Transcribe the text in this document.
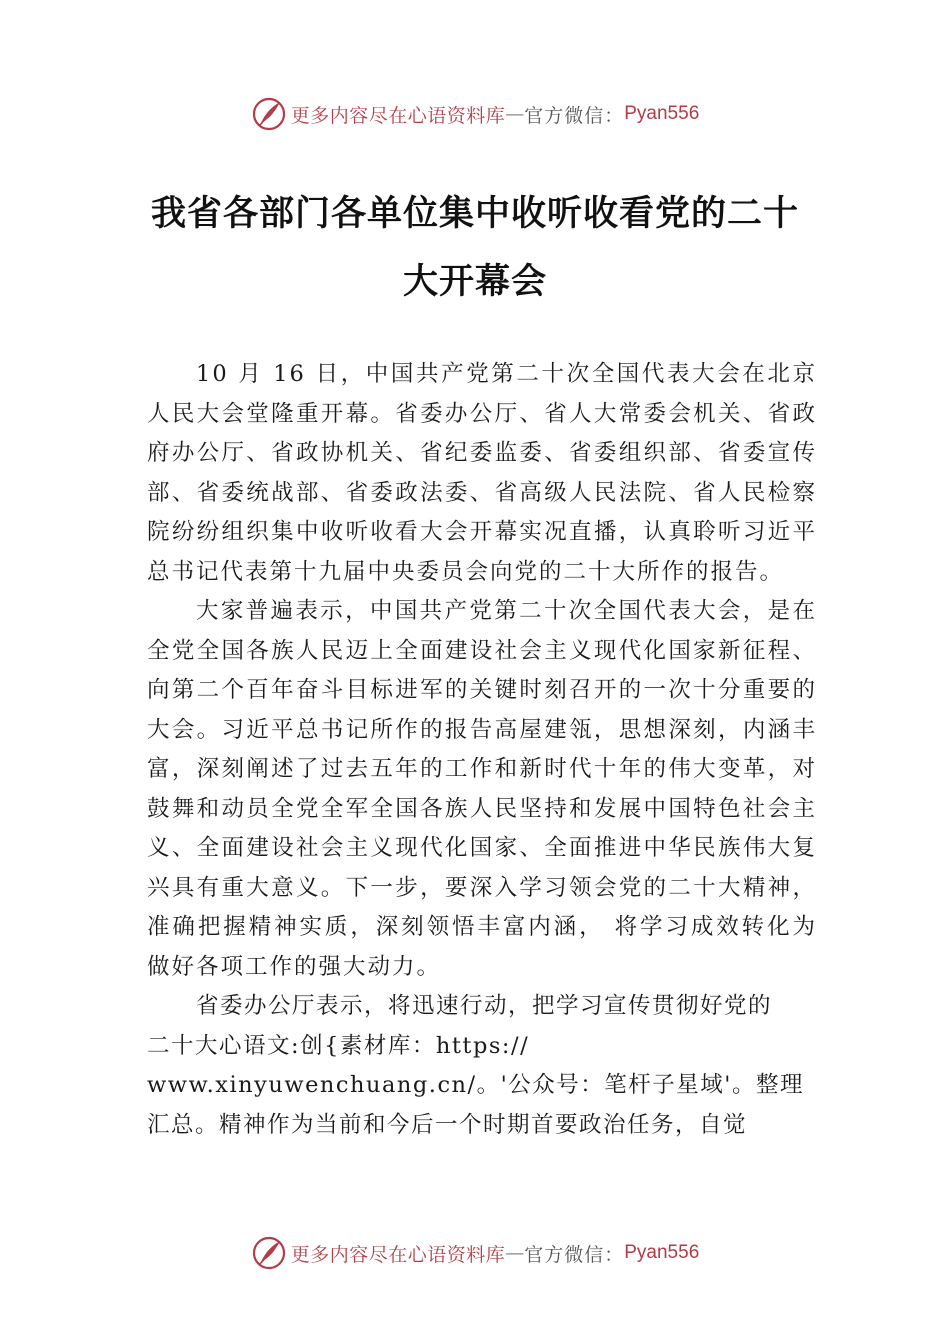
更多内容尽在心语资料库 — 官方微信： Pyan556
我省各部门各单位集中收听收看党的二十
大开幕会

10 月 16 日，中国共产党第二十次全国代表大会在北京人民大会堂隆重开幕。省委办公厅、省人大常委会机关、省政府办公厅、省政协机关、省纪委监委、省委组织部、省委宣传部、省委统战部、省委政法委、省高级人民法院、省人民检察院纷纷组织集中收听收看大会开幕实况直播，认真聆听习近平总书记代表第十九届中央委员会向党的二十大所作的报告。

大家普遍表示，中国共产党第二十次全国代表大会，是在全党全国各族人民迈上全面建设社会主义现代化国家新征程、向第二个百年奋斗目标进军的关键时刻召开的一次十分重要的大会。习近平总书记所作的报告高屋建瓴，思想深刻，内涵丰富，深刻阐述了过去五年的工作和新时代十年的伟大变革，对鼓舞和动员全党全军全国各族人民坚持和发展中国特色社会主义、全面建设社会主义现代化国家、全面推进中华民族伟大复兴具有重大意义。下一步，要深入学习领会党的二十大精神，准确把握精神实质，深刻领悟丰富内涵， 将学习成效转化为做好各项工作的强大动力。

省委办公厅表示，将迅速行动，把学习宣传贯彻好党的

二十大心语文:创{素材库：https://

www.xinyuwenchuang.cn/。'公众号：笔杆子星域'。整理

汇总。精神作为当前和今后一个时期首要政治任务，自觉

更多内容尽在心语资料库 — 官方微信： Pyan556
